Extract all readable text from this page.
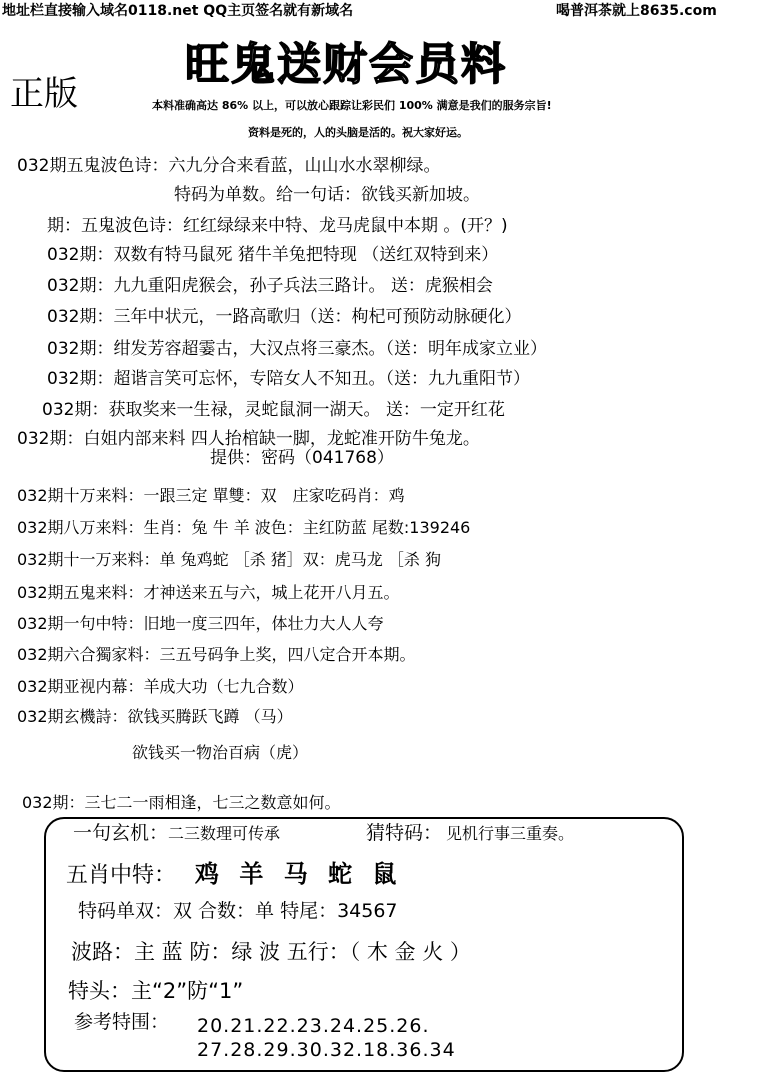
地址栏直接输入域名0118.net QQ主页签名就有新域名	喝普洱茶就上8635.com
旺鬼送财会员料
正版	本料准确高达 86% 以上，可以放心跟踪让彩民们 100% 满意是我们的服务宗旨!
资料是死的，人的头脑是活的。祝大家好运。
032期五鬼波色诗：六九分合来看蓝，山山水水翠柳绿。
特码为单数。给一句话：欲钱买新加坡。
期：五鬼波色诗：红红绿绿来中特、龙马虎鼠中本期 。(开？)
032期：双数有特马鼠死 猪牛羊兔把特现 （送红双特到来）
032期：九九重阳虎猴会，孙子兵法三路计。 送：虎猴相会
032期：三年中状元，一路高歌归（送：枸杞可预防动脉硬化）
032期：绀发芳容超霎古，大汉点将三豪杰。（送：明年成家立业）
032期：超谐言笑可忘怀，专陪女人不知丑。（送：九九重阳节）
032期：获取奖来一生禄，灵蛇鼠洞一湖天。 送：一定开红花
032期：白姐内部来料 四人抬棺缺一脚，龙蛇准开防牛兔龙。
提供：密码（041768）
032期十万来料：一跟三定 單雙：双　庄家吃码肖：鸡
032期八万来料：生肖：兔 牛 羊 波色：主红防蓝 尾数:139246
032期十一万来料：单 兔鸡蛇 ［杀 猪］双：虎马龙 ［杀 狗
032期五鬼来料：才神送来五与六，城上花开八月五。
032期一句中特：旧地一度三四年，体壮力大人人夸
032期六合獨家料：三五号码争上奖，四八定合开本期。
032期亚视内幕：羊成大功（七九合数）
032期玄機詩：欲钱买腾跃飞蹲 （马）
欲钱买一物治百病（虎）
032期：三七二一雨相逢，七三之数意如何。
一句玄机： 二三数理可传承	猜特码： 见机行事三重奏。
五肖中特： 鸡 羊 马 蛇 鼠
特码单双：双 合数：单 特尾：34567
波路：主 蓝 防：绿 波 五行：（ 木 金 火 ）
特头：主“2”防“1”
参考特围： 20.21.22.23.24.25.26.
27.28.29.30.32.18.36.34
